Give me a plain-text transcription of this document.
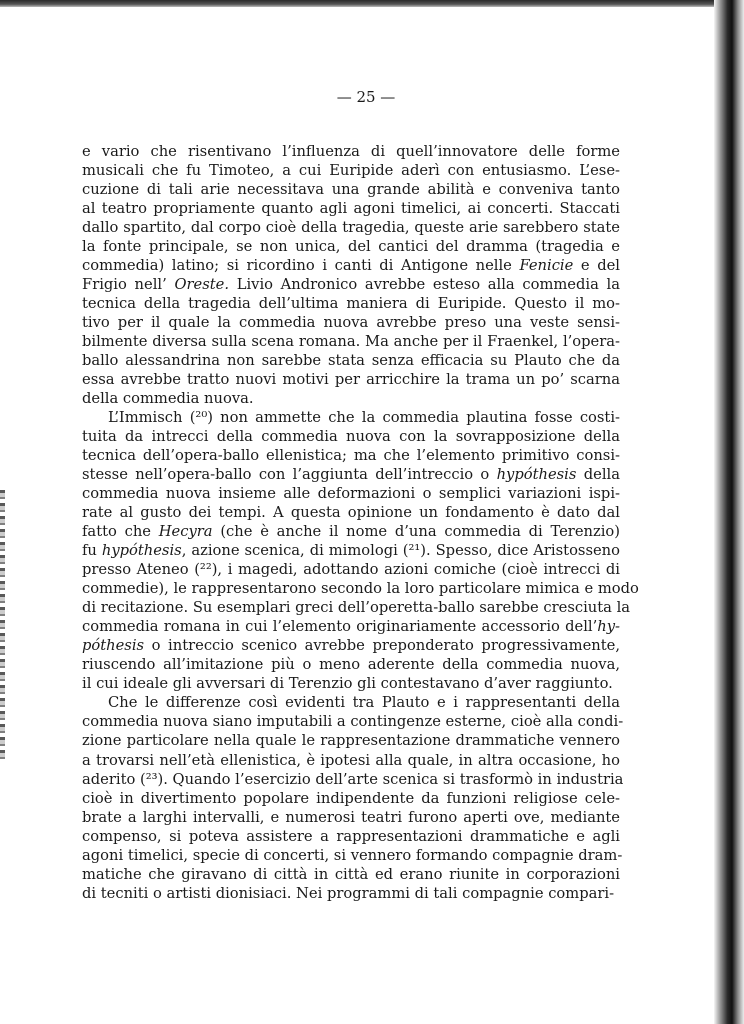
— 25 —
e vario che risentivano l’influenza di quell’innovatore delle forme
musicali che fu Timoteo, a cui Euripide aderì con entusiasmo. L’ese-
cuzione di tali arie necessitava una grande abilità e conveniva tanto
al teatro propriamente quanto agli agoni timelici, ai concerti. Staccati
dallo spartito, dal corpo cioè della tragedia, queste arie sarebbero state
la fonte principale, se non unica, del cantici del dramma (tragedia e
commedia) latino; si ricordino i canti di Antigone nelle Fenicie e del
Frigio nell’ Oreste. Livio Andronico avrebbe esteso alla commedia la
tecnica della tragedia dell’ultima maniera di Euripide. Questo il mo-
tivo per il quale la commedia nuova avrebbe preso una veste sensi-
bilmente diversa sulla scena romana. Ma anche per il Fraenkel, l’opera-
ballo alessandrina non sarebbe stata senza efficacia su Plauto che da
essa avrebbe tratto nuovi motivi per arricchire la trama un po’ scarna
della commedia nuova.
L’Immisch (²⁰) non ammette che la commedia plautina fosse costi-
tuita da intrecci della commedia nuova con la sovrapposizione della
tecnica dell’opera-ballo ellenistica; ma che l’elemento primitivo consi-
stesse nell’opera-ballo con l’aggiunta dell’intreccio o hypóthesis della
commedia nuova insieme alle deformazioni o semplici variazioni ispi-
rate al gusto dei tempi. A questa opinione un fondamento è dato dal
fatto che Hecyra (che è anche il nome d’una commedia di Terenzio)
fu hypóthesis, azione scenica, di mimologi (²¹). Spesso, dice Aristosseno
presso Ateneo (²²), i magedi, adottando azioni comiche (cioè intrecci di
commedie), le rappresentarono secondo la loro particolare mimica e modo
di recitazione. Su esemplari greci dell’operetta-ballo sarebbe cresciuta la
commedia romana in cui l’elemento originariamente accessorio dell’hy-
póthesis o intreccio scenico avrebbe preponderato progressivamente,
riuscendo all’imitazione più o meno aderente della commedia nuova,
il cui ideale gli avversari di Terenzio gli contestavano d’aver raggiunto.
Che le differenze così evidenti tra Plauto e i rappresentanti della
commedia nuova siano imputabili a contingenze esterne, cioè alla condi-
zione particolare nella quale le rappresentazione drammatiche vennero
a trovarsi nell’età ellenistica, è ipotesi alla quale, in altra occasione, ho
aderito (²³). Quando l’esercizio dell’arte scenica si trasformò in industria
cioè in divertimento popolare indipendente da funzioni religiose cele-
brate a larghi intervalli, e numerosi teatri furono aperti ove, mediante
compenso, si poteva assistere a rappresentazioni drammatiche e agli
agoni timelici, specie di concerti, si vennero formando compagnie dram-
matiche che giravano di città in città ed erano riunite in corporazioni
di tecniti o artisti dionisiaci. Nei programmi di tali compagnie compari-
